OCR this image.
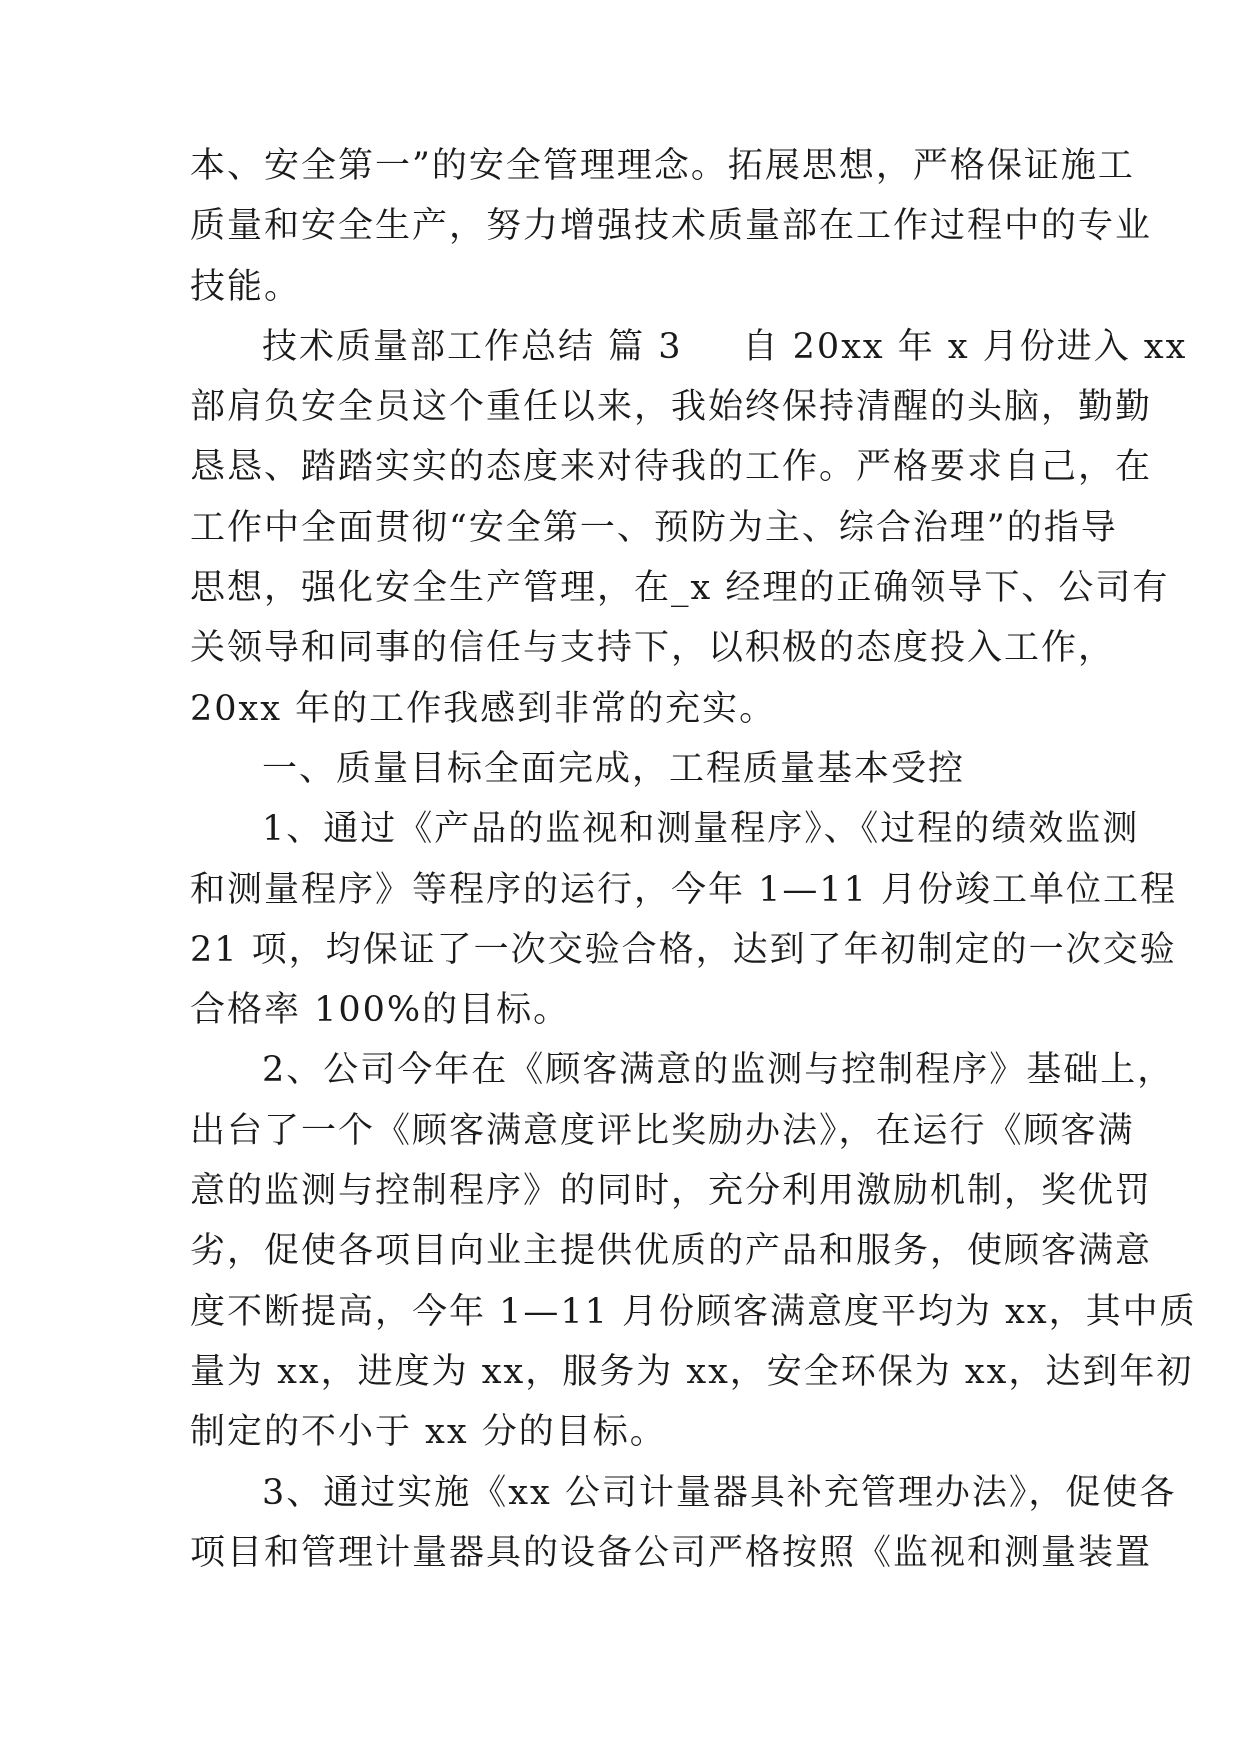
本、安全第一”的安全管理理念。拓展思想，严格保证施工
质量和安全生产，努力增强技术质量部在工作过程中的专业
技能。
技术质量部工作总结 篇 3 自 20xx 年 x 月份进入 xx
部肩负安全员这个重任以来，我始终保持清醒的头脑，勤勤
恳恳、踏踏实实的态度来对待我的工作。严格要求自己，在
工作中全面贯彻“安全第一、预防为主、综合治理”的指导
思想，强化安全生产管理，在_x 经理的正确领导下、公司有
关领导和同事的信任与支持下，以积极的态度投入工作，
20xx 年的工作我感到非常的充实。
一、质量目标全面完成，工程质量基本受控
1、通过《产品的监视和测量程序》、《过程的绩效监测
和测量程序》等程序的运行，今年 1—11 月份竣工单位工程
21 项，均保证了一次交验合格，达到了年初制定的一次交验
合格率 100%的目标。
2、公司今年在《顾客满意的监测与控制程序》基础上，
出台了一个《顾客满意度评比奖励办法》，在运行《顾客满
意的监测与控制程序》的同时，充分利用激励机制，奖优罚
劣，促使各项目向业主提供优质的产品和服务，使顾客满意
度不断提高，今年 1—11 月份顾客满意度平均为 xx，其中质
量为 xx，进度为 xx，服务为 xx，安全环保为 xx，达到年初
制定的不小于 xx 分的目标。
3、通过实施《xx 公司计量器具补充管理办法》，促使各
项目和管理计量器具的设备公司严格按照《监视和测量装置
